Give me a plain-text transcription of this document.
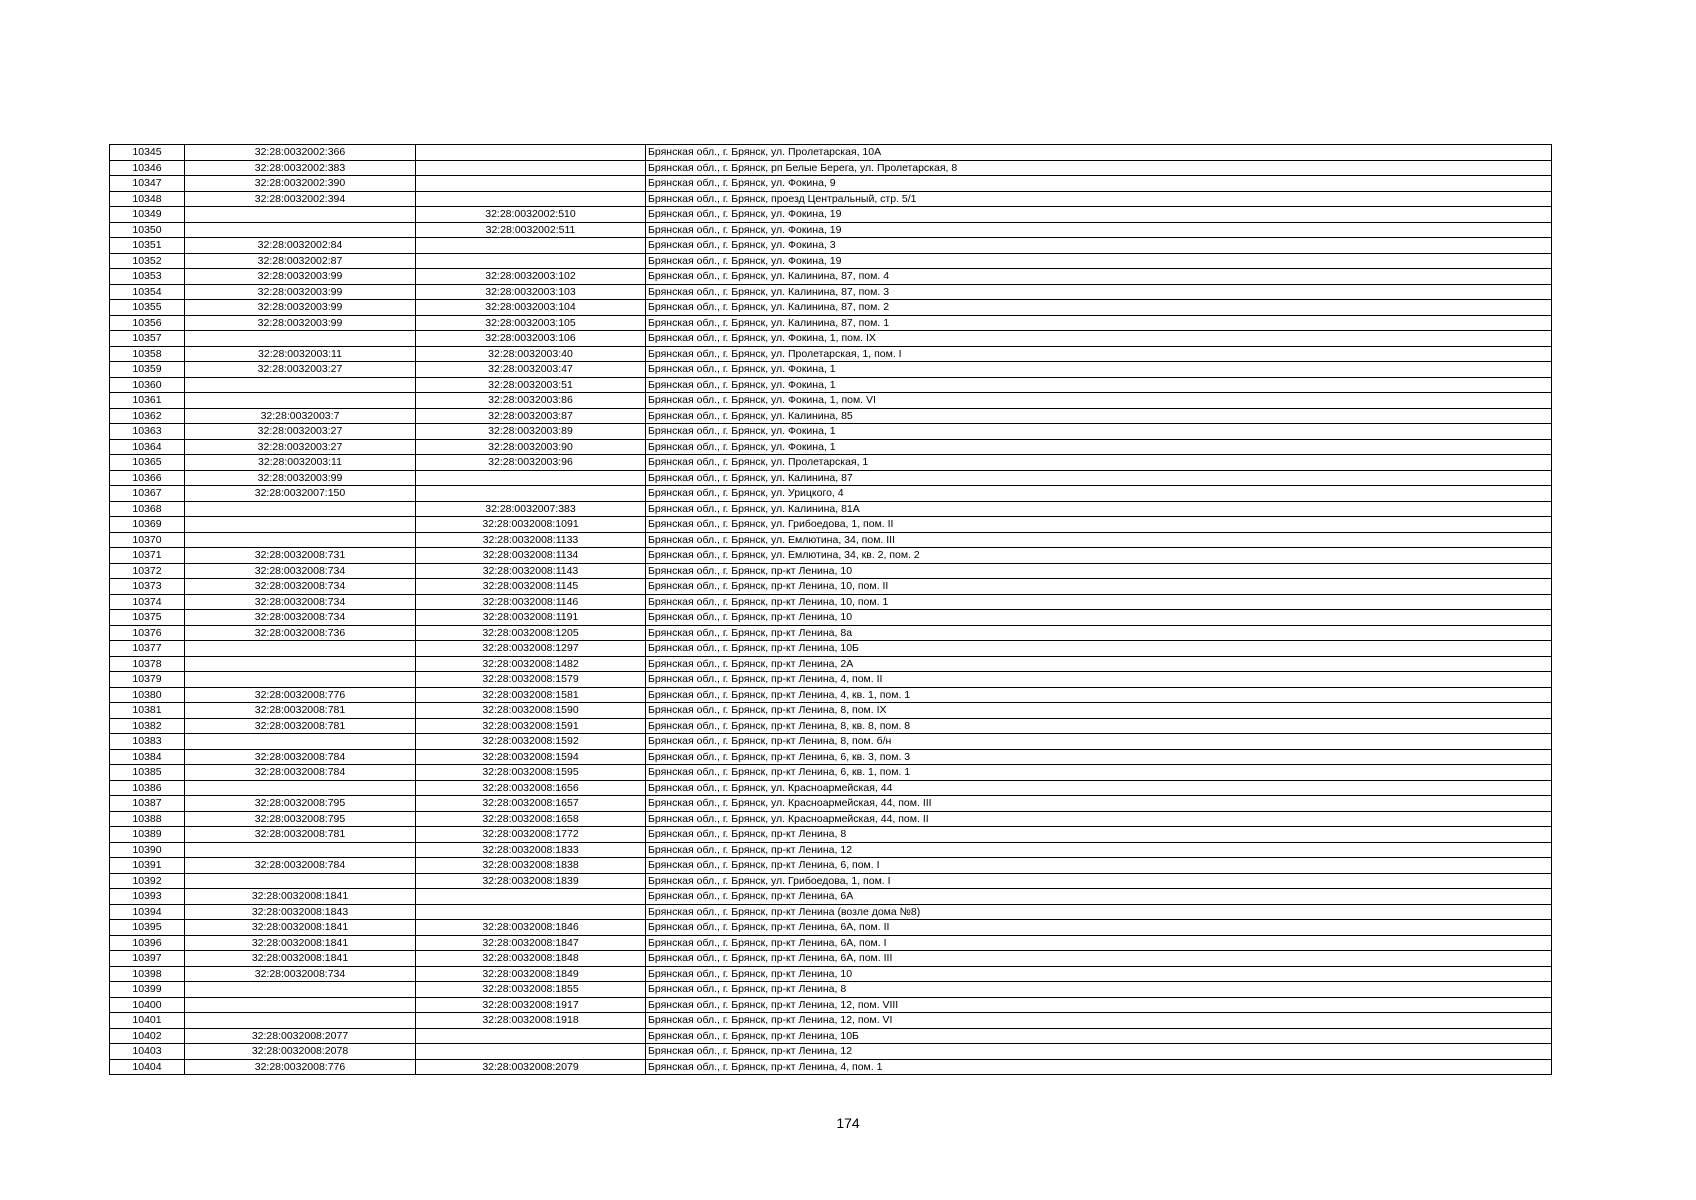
10345	32:28:0032002:366		Брянская обл., г. Брянск, ул. Пролетарская, 10А
10346	32:28:0032002:383		Брянская обл., г. Брянск, рп Белые Берега, ул. Пролетарская, 8
10347	32:28:0032002:390		Брянская обл., г. Брянск, ул. Фокина, 9
10348	32:28:0032002:394		Брянская обл., г. Брянск, проезд Центральный, стр. 5/1
10349		32:28:0032002:510	Брянская обл., г. Брянск, ул. Фокина, 19
10350		32:28:0032002:511	Брянская обл., г. Брянск, ул. Фокина, 19
10351	32:28:0032002:84		Брянская обл., г. Брянск, ул. Фокина, 3
10352	32:28:0032002:87		Брянская обл., г. Брянск, ул. Фокина, 19
10353	32:28:0032003:99	32:28:0032003:102	Брянская обл., г. Брянск, ул. Калинина, 87, пом. 4
10354	32:28:0032003:99	32:28:0032003:103	Брянская обл., г. Брянск, ул. Калинина, 87, пом. 3
10355	32:28:0032003:99	32:28:0032003:104	Брянская обл., г. Брянск, ул. Калинина, 87, пом. 2
10356	32:28:0032003:99	32:28:0032003:105	Брянская обл., г. Брянск, ул. Калинина, 87, пом. 1
10357		32:28:0032003:106	Брянская обл., г. Брянск, ул. Фокина, 1, пом. IX
10358	32:28:0032003:11	32:28:0032003:40	Брянская обл., г. Брянск, ул. Пролетарская, 1, пом. I
10359	32:28:0032003:27	32:28:0032003:47	Брянская обл., г. Брянск, ул. Фокина, 1
10360		32:28:0032003:51	Брянская обл., г. Брянск, ул. Фокина, 1
10361		32:28:0032003:86	Брянская обл., г. Брянск, ул. Фокина, 1, пом. VI
10362	32:28:0032003:7	32:28:0032003:87	Брянская обл., г. Брянск, ул. Калинина, 85
10363	32:28:0032003:27	32:28:0032003:89	Брянская обл., г. Брянск, ул. Фокина, 1
10364	32:28:0032003:27	32:28:0032003:90	Брянская обл., г. Брянск, ул. Фокина, 1
10365	32:28:0032003:11	32:28:0032003:96	Брянская обл., г. Брянск, ул. Пролетарская, 1
10366	32:28:0032003:99		Брянская обл., г. Брянск, ул. Калинина, 87
10367	32:28:0032007:150		Брянская обл., г. Брянск, ул. Урицкого, 4
10368		32:28:0032007:383	Брянская обл., г. Брянск, ул. Калинина, 81А
10369		32:28:0032008:1091	Брянская обл., г. Брянск, ул. Грибоедова, 1, пом. II
10370		32:28:0032008:1133	Брянская обл., г. Брянск, ул. Емлютина, 34, пом. III
10371	32:28:0032008:731	32:28:0032008:1134	Брянская обл., г. Брянск, ул. Емлютина, 34, кв. 2, пом. 2
10372	32:28:0032008:734	32:28:0032008:1143	Брянская обл., г. Брянск, пр-кт Ленина, 10
10373	32:28:0032008:734	32:28:0032008:1145	Брянская обл., г. Брянск, пр-кт Ленина, 10, пом. II
10374	32:28:0032008:734	32:28:0032008:1146	Брянская обл., г. Брянск, пр-кт Ленина, 10, пом. 1
10375	32:28:0032008:734	32:28:0032008:1191	Брянская обл., г. Брянск, пр-кт Ленина, 10
10376	32:28:0032008:736	32:28:0032008:1205	Брянская обл., г. Брянск, пр-кт Ленина, 8а
10377		32:28:0032008:1297	Брянская обл., г. Брянск, пр-кт Ленина, 10Б
10378		32:28:0032008:1482	Брянская обл., г. Брянск, пр-кт Ленина, 2А
10379		32:28:0032008:1579	Брянская обл., г. Брянск, пр-кт Ленина, 4, пом. II
10380	32:28:0032008:776	32:28:0032008:1581	Брянская обл., г. Брянск, пр-кт Ленина, 4, кв. 1, пом. 1
10381	32:28:0032008:781	32:28:0032008:1590	Брянская обл., г. Брянск, пр-кт Ленина, 8, пом. IX
10382	32:28:0032008:781	32:28:0032008:1591	Брянская обл., г. Брянск, пр-кт Ленина, 8, кв. 8, пом. 8
10383		32:28:0032008:1592	Брянская обл., г. Брянск, пр-кт Ленина, 8, пом. б/н
10384	32:28:0032008:784	32:28:0032008:1594	Брянская обл., г. Брянск, пр-кт Ленина, 6, кв. 3, пом. 3
10385	32:28:0032008:784	32:28:0032008:1595	Брянская обл., г. Брянск, пр-кт Ленина, 6, кв. 1, пом. 1
10386		32:28:0032008:1656	Брянская обл., г. Брянск, ул. Красноармейская, 44
10387	32:28:0032008:795	32:28:0032008:1657	Брянская обл., г. Брянск, ул. Красноармейская, 44, пом. III
10388	32:28:0032008:795	32:28:0032008:1658	Брянская обл., г. Брянск, ул. Красноармейская, 44, пом. II
10389	32:28:0032008:781	32:28:0032008:1772	Брянская обл., г. Брянск, пр-кт Ленина, 8
10390		32:28:0032008:1833	Брянская обл., г. Брянск, пр-кт Ленина, 12
10391	32:28:0032008:784	32:28:0032008:1838	Брянская обл., г. Брянск, пр-кт Ленина, 6, пом. I
10392		32:28:0032008:1839	Брянская обл., г. Брянск, ул. Грибоедова, 1, пом. I
10393	32:28:0032008:1841		Брянская обл., г. Брянск, пр-кт Ленина, 6А
10394	32:28:0032008:1843		Брянская обл., г. Брянск, пр-кт Ленина (возле дома №8)
10395	32:28:0032008:1841	32:28:0032008:1846	Брянская обл., г. Брянск, пр-кт Ленина, 6А, пом. II
10396	32:28:0032008:1841	32:28:0032008:1847	Брянская обл., г. Брянск, пр-кт Ленина, 6А, пом. I
10397	32:28:0032008:1841	32:28:0032008:1848	Брянская обл., г. Брянск, пр-кт Ленина, 6А, пом. III
10398	32:28:0032008:734	32:28:0032008:1849	Брянская обл., г. Брянск, пр-кт Ленина, 10
10399		32:28:0032008:1855	Брянская обл., г. Брянск, пр-кт Ленина, 8
10400		32:28:0032008:1917	Брянская обл., г. Брянск, пр-кт Ленина, 12, пом. VIII
10401		32:28:0032008:1918	Брянская обл., г. Брянск, пр-кт Ленина, 12, пом. VI
10402	32:28:0032008:2077		Брянская обл., г. Брянск, пр-кт Ленина, 10Б
10403	32:28:0032008:2078		Брянская обл., г. Брянск, пр-кт Ленина, 12
10404	32:28:0032008:776	32:28:0032008:2079	Брянская обл., г. Брянск, пр-кт Ленина, 4, пом. 1
174
